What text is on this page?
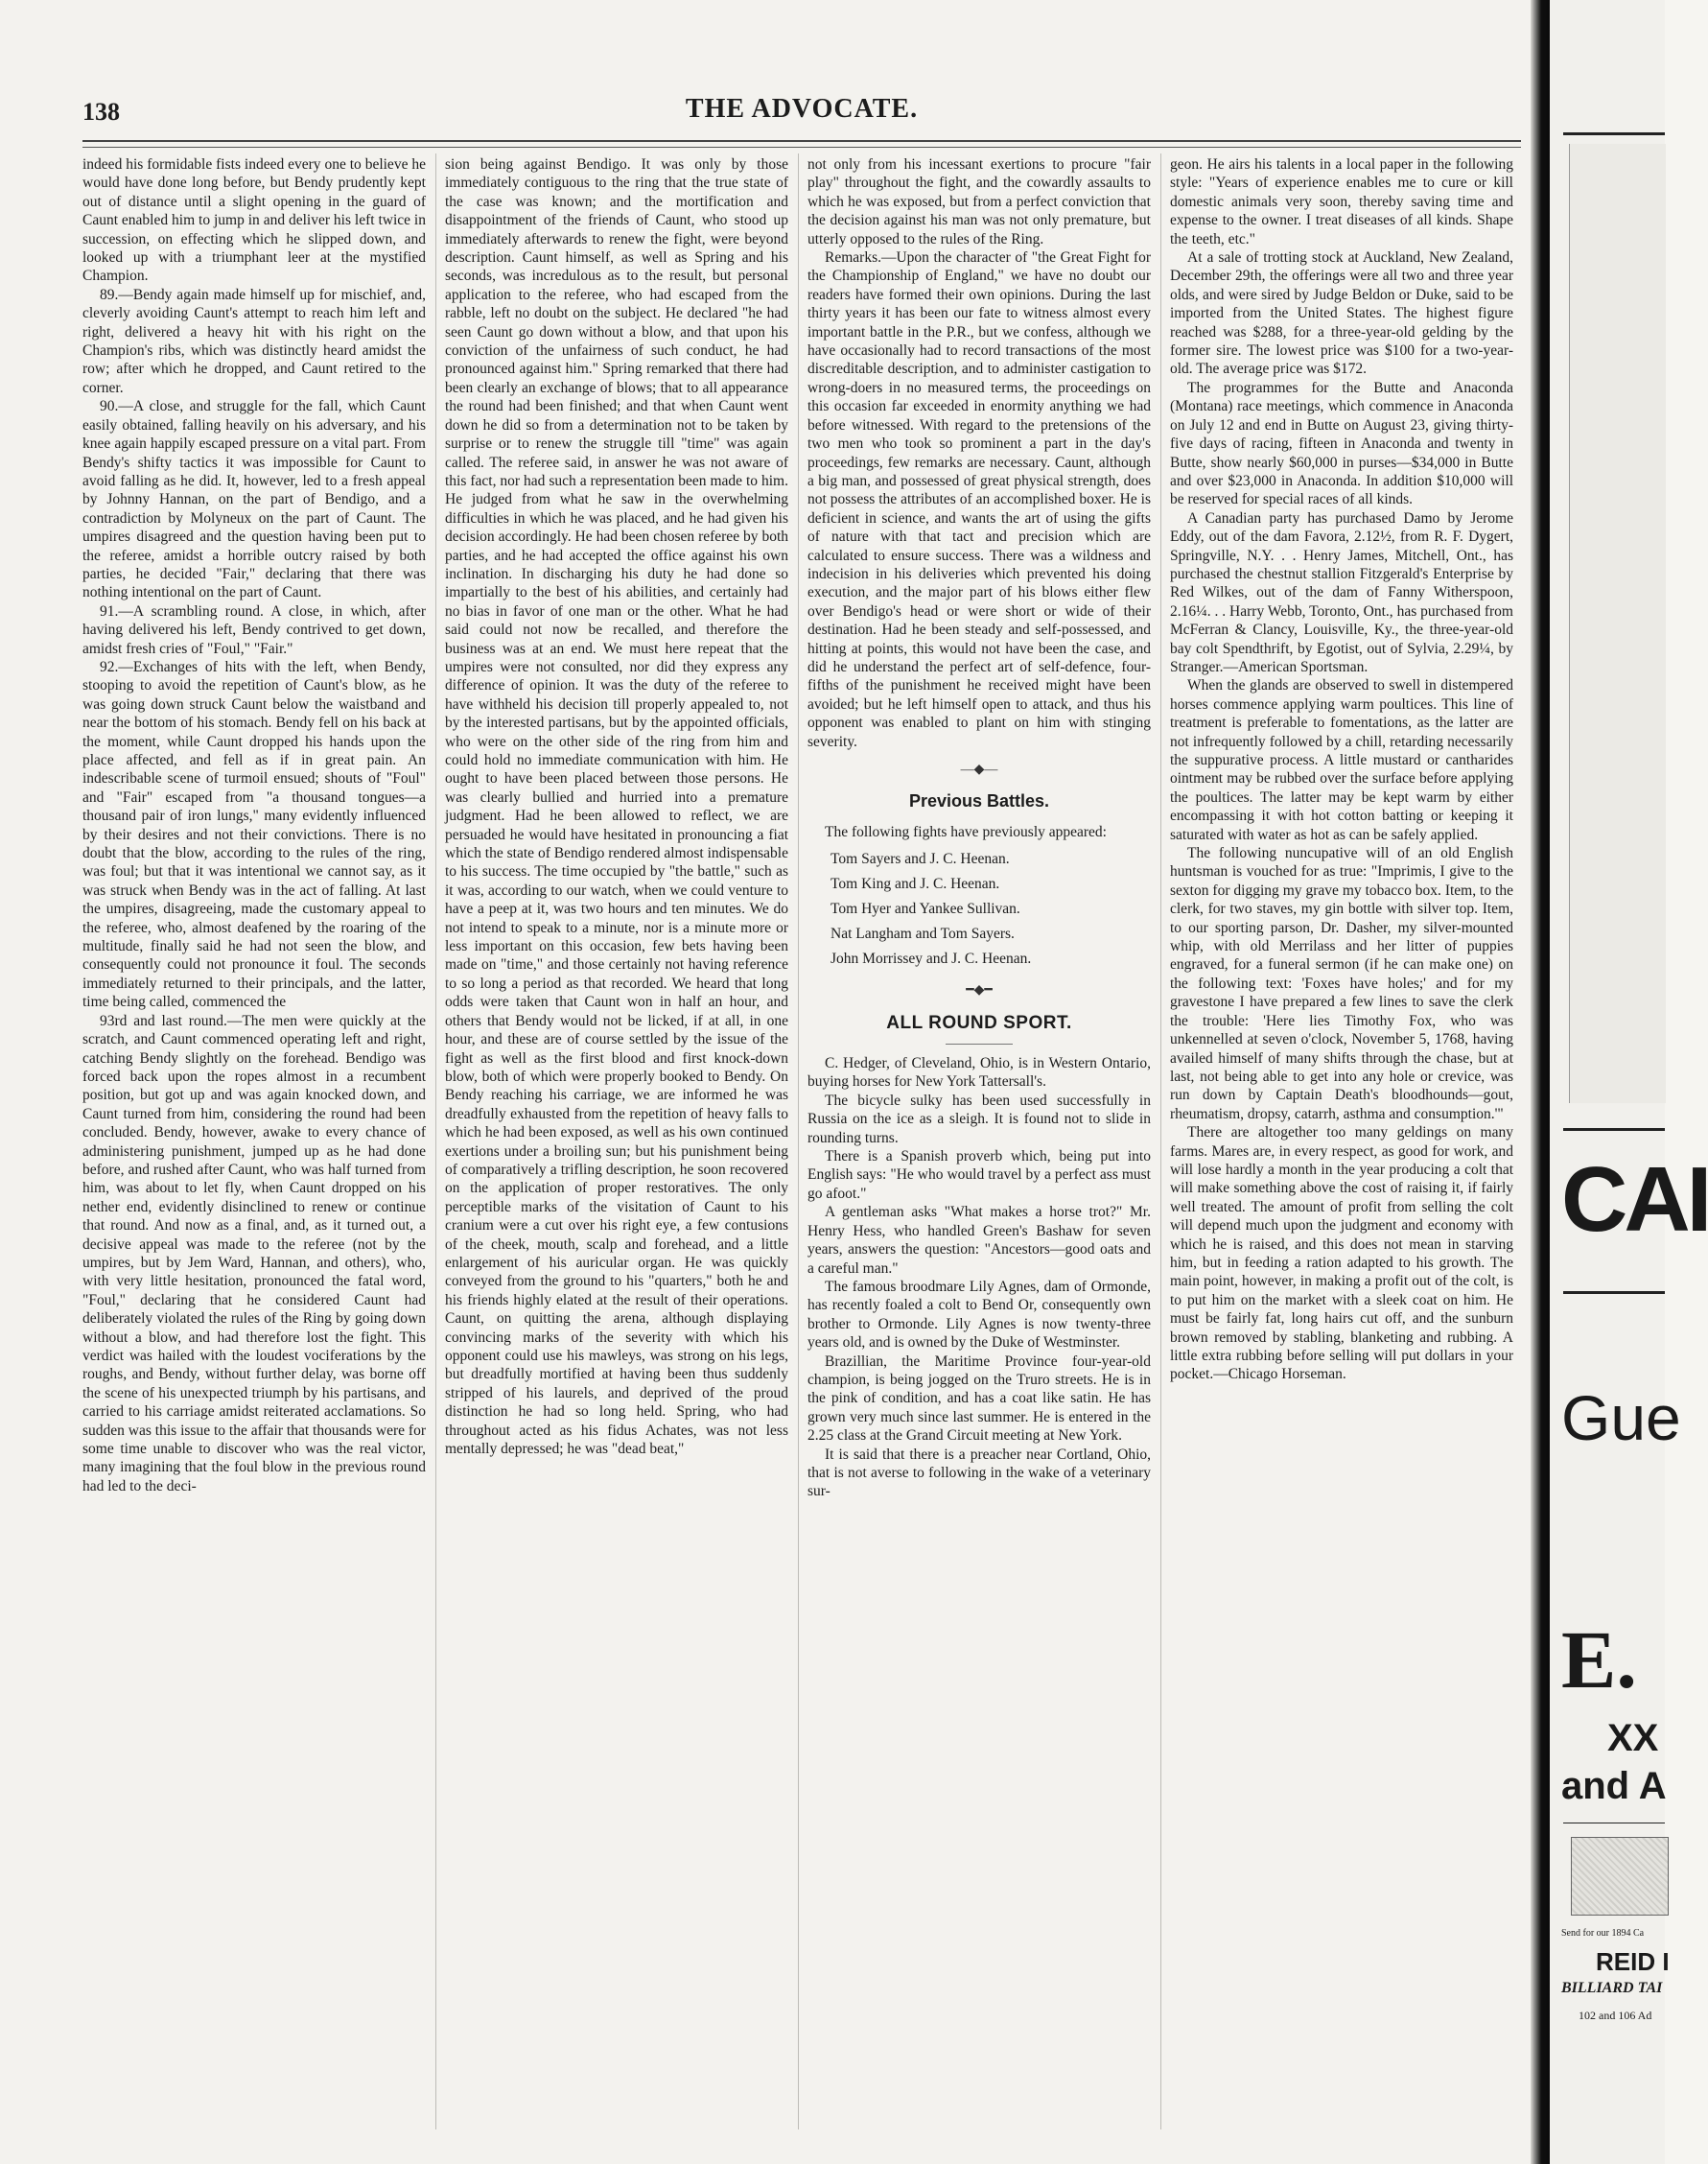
138	THE ADVOCATE.

indeed his formidable fists indeed every one to believe he would have done long before, but Bendy prudently kept out of distance until a slight opening in the guard of Caunt enabled him to jump in and deliver his left twice in succession, on effecting which he slipped down, and looked up with a triumphant leer at the mystified Champion.

89.—Bendy again made himself up for mischief, and, cleverly avoiding Caunt's attempt to reach him left and right, delivered a heavy hit with his right on the Champion's ribs, which was distinctly heard amidst the row; after which he dropped, and Caunt retired to the corner.

90.—A close, and struggle for the fall, which Caunt easily obtained, falling heavily on his adversary, and his knee again happily escaped pressure on a vital part. From Bendy's shifty tactics it was impossible for Caunt to avoid falling as he did. It, however, led to a fresh appeal by Johnny Hannan, on the part of Bendigo, and a contradiction by Molyneux on the part of Caunt. The umpires disagreed and the question having been put to the referee, amidst a horrible outcry raised by both parties, he decided "Fair," declaring that there was nothing intentional on the part of Caunt.

91.—A scrambling round. A close, in which, after having delivered his left, Bendy contrived to get down, amidst fresh cries of "Foul," "Fair."

92.—Exchanges of hits with the left, when Bendy, stooping to avoid the repetition of Caunt's blow, as he was going down struck Caunt below the waistband and near the bottom of his stomach. Bendy fell on his back at the moment, while Caunt dropped his hands upon the place affected, and fell as if in great pain. An indescribable scene of turmoil ensued; shouts of "Foul" and "Fair" escaped from "a thousand tongues—a thousand pair of iron lungs," many evidently influenced by their desires and not their convictions. There is no doubt that the blow, according to the rules of the ring, was foul; but that it was intentional we cannot say, as it was struck when Bendy was in the act of falling. At last the umpires, disagreeing, made the customary appeal to the referee, who, almost deafened by the roaring of the multitude, finally said he had not seen the blow, and consequently could not pronounce it foul. The seconds immediately returned to their principals, and the latter, time being called, commenced the

93rd and last round.—The men were quickly at the scratch, and Caunt commenced operating left and right, catching Bendy slightly on the forehead. Bendigo was forced back upon the ropes almost in a recumbent position, but got up and was again knocked down, and Caunt turned from him, considering the round had been concluded. Bendy, however, awake to every chance of administering punishment, jumped up as he had done before, and rushed after Caunt, who was half turned from him, was about to let fly, when Caunt dropped on his nether end, evidently disinclined to renew or continue that round. And now as a final, and, as it turned out, a decisive appeal was made to the referee (not by the umpires, but by Jem Ward, Hannan, and others), who, with very little hesitation, pronounced the fatal word, "Foul," declaring that he considered Caunt had deliberately violated the rules of the Ring by going down without a blow, and had therefore lost the fight. This verdict was hailed with the loudest vociferations by the roughs, and Bendy, without further delay, was borne off the scene of his unexpected triumph by his partisans, and carried to his carriage amidst reiterated acclamations. So sudden was this issue to the affair that thousands were for some time unable to discover who was the real victor, many imagining that the foul blow in the previous round had led to the deci-

sion being against Bendigo. It was only by those immediately contiguous to the ring that the true state of the case was known; and the mortification and disappointment of the friends of Caunt, who stood up immediately afterwards to renew the fight, were beyond description. Caunt himself, as well as Spring and his seconds, was incredulous as to the result, but personal application to the referee, who had escaped from the rabble, left no doubt on the subject. He declared "he had seen Caunt go down without a blow, and that upon his conviction of the unfairness of such conduct, he had pronounced against him." Spring remarked that there had been clearly an exchange of blows; that to all appearance the round had been finished; and that when Caunt went down he did so from a determination not to be taken by surprise or to renew the struggle till "time" was again called. The referee said, in answer he was not aware of this fact, nor had such a representation been made to him. He judged from what he saw in the overwhelming difficulties in which he was placed, and he had given his decision accordingly. He had been chosen referee by both parties, and he had accepted the office against his own inclination. In discharging his duty he had done so impartially to the best of his abilities, and certainly had no bias in favor of one man or the other. What he had said could not now be recalled, and therefore the business was at an end. We must here repeat that the umpires were not consulted, nor did they express any difference of opinion. It was the duty of the referee to have withheld his decision till properly appealed to, not by the interested partisans, but by the appointed officials, who were on the other side of the ring from him and could hold no immediate communication with him. He ought to have been placed between those persons. He was clearly bullied and hurried into a premature judgment. Had he been allowed to reflect, we are persuaded he would have hesitated in pronouncing a fiat which the state of Bendigo rendered almost indispensable to his success. The time occupied by "the battle," such as it was, according to our watch, when we could venture to have a peep at it, was two hours and ten minutes. We do not intend to speak to a minute, nor is a minute more or less important on this occasion, few bets having been made on "time," and those certainly not having reference to so long a period as that recorded. We heard that long odds were taken that Caunt won in half an hour, and others that Bendy would not be licked, if at all, in one hour, and these are of course settled by the issue of the fight as well as the first blood and first knock-down blow, both of which were properly booked to Bendy. On Bendy reaching his carriage, we are informed he was dreadfully exhausted from the repetition of heavy falls to which he had been exposed, as well as his own continued exertions under a broiling sun; but his punishment being of comparatively a trifling description, he soon recovered on the application of proper restoratives. The only perceptible marks of the visitation of Caunt to his cranium were a cut over his right eye, a few contusions of the cheek, mouth, scalp and forehead, and a little enlargement of his auricular organ. He was quickly conveyed from the ground to his "quarters," both he and his friends highly elated at the result of their operations. Caunt, on quitting the arena, although displaying convincing marks of the severity with which his opponent could use his mawleys, was strong on his legs, but dreadfully mortified at having been thus suddenly stripped of his laurels, and deprived of the proud distinction he had so long held. Spring, who had throughout acted as his fidus Achates, was not less mentally depressed; he was "dead beat,"

not only from his incessant exertions to procure "fair play" throughout the fight, and the cowardly assaults to which he was exposed, but from a perfect conviction that the decision against his man was not only premature, but utterly opposed to the rules of the Ring.

Remarks.—Upon the character of "the Great Fight for the Championship of England," we have no doubt our readers have formed their own opinions. During the last thirty years it has been our fate to witness almost every important battle in the P.R., but we confess, although we have occasionally had to record transactions of the most discreditable description, and to administer castigation to wrong-doers in no measured terms, the proceedings on this occasion far exceeded in enormity anything we had before witnessed. With regard to the pretensions of the two men who took so prominent a part in the day's proceedings, few remarks are necessary. Caunt, although a big man, and possessed of great physical strength, does not possess the attributes of an accomplished boxer. He is deficient in science, and wants the art of using the gifts of nature with that tact and precision which are calculated to ensure success. There was a wildness and indecision in his deliveries which prevented his doing execution, and the major part of his blows either flew over Bendigo's head or were short or wide of their destination. Had he been steady and self-possessed, and hitting at points, this would not have been the case, and did he understand the perfect art of self-defence, four-fifths of the punishment he received might have been avoided; but he left himself open to attack, and thus his opponent was enabled to plant on him with stinging severity.

—◆—
Previous Battles.

The following fights have previously appeared:

Tom Sayers and J. C. Heenan.
Tom King and J. C. Heenan.
Tom Hyer and Yankee Sullivan.
Nat Langham and Tom Sayers.
John Morrissey and J. C. Heenan.
━◆━
ALL ROUND SPORT.

C. Hedger, of Cleveland, Ohio, is in Western Ontario, buying horses for New York Tattersall's.

The bicycle sulky has been used successfully in Russia on the ice as a sleigh. It is found not to slide in rounding turns.

There is a Spanish proverb which, being put into English says: "He who would travel by a perfect ass must go afoot."

A gentleman asks "What makes a horse trot?" Mr. Henry Hess, who handled Green's Bashaw for seven years, answers the question: "Ancestors—good oats and a careful man."

The famous broodmare Lily Agnes, dam of Ormonde, has recently foaled a colt to Bend Or, consequently own brother to Ormonde. Lily Agnes is now twenty-three years old, and is owned by the Duke of Westminster.

Brazillian, the Maritime Province four-year-old champion, is being jogged on the Truro streets. He is in the pink of condition, and has a coat like satin. He has grown very much since last summer. He is entered in the 2.25 class at the Grand Circuit meeting at New York.

It is said that there is a preacher near Cortland, Ohio, that is not averse to following in the wake of a veterinary sur-

geon. He airs his talents in a local paper in the following style: "Years of experience enables me to cure or kill domestic animals very soon, thereby saving time and expense to the owner. I treat diseases of all kinds. Shape the teeth, etc."

At a sale of trotting stock at Auckland, New Zealand, December 29th, the offerings were all two and three year olds, and were sired by Judge Beldon or Duke, said to be imported from the United States. The highest figure reached was $288, for a three-year-old gelding by the former sire. The lowest price was $100 for a two-year-old. The average price was $172.

The programmes for the Butte and Anaconda (Montana) race meetings, which commence in Anaconda on July 12 and end in Butte on August 23, giving thirty-five days of racing, fifteen in Anaconda and twenty in Butte, show nearly $60,000 in purses—$34,000 in Butte and over $23,000 in Anaconda. In addition $10,000 will be reserved for special races of all kinds.

A Canadian party has purchased Damo by Jerome Eddy, out of the dam Favora, 2.12½, from R. F. Dygert, Springville, N.Y. . . Henry James, Mitchell, Ont., has purchased the chestnut stallion Fitzgerald's Enterprise by Red Wilkes, out of the dam of Fanny Witherspoon, 2.16¼. . . Harry Webb, Toronto, Ont., has purchased from McFerran & Clancy, Louisville, Ky., the three-year-old bay colt Spendthrift, by Egotist, out of Sylvia, 2.29¼, by Stranger.—American Sportsman.

When the glands are observed to swell in distempered horses commence applying warm poultices. This line of treatment is preferable to fomentations, as the latter are not infrequently followed by a chill, retarding necessarily the suppurative process. A little mustard or cantharides ointment may be rubbed over the surface before applying the poultices. The latter may be kept warm by either encompassing it with hot cotton batting or keeping it saturated with water as hot as can be safely applied.

The following nuncupative will of an old English huntsman is vouched for as true: "Imprimis, I give to the sexton for digging my grave my tobacco box. Item, to the clerk, for two staves, my gin bottle with silver top. Item, to our sporting parson, Dr. Dasher, my silver-mounted whip, with old Merrilass and her litter of puppies engraved, for a funeral sermon (if he can make one) on the following text: 'Foxes have holes;' and for my gravestone I have prepared a few lines to save the clerk the trouble: 'Here lies Timothy Fox, who was unkennelled at seven o'clock, November 5, 1768, having availed himself of many shifts through the chase, but at last, not being able to get into any hole or crevice, was run down by Captain Death's bloodhounds—gout, rheumatism, dropsy, catarrh, asthma and consumption.'"

There are altogether too many geldings on many farms. Mares are, in every respect, as good for work, and will lose hardly a month in the year producing a colt that will make something above the cost of raising it, if fairly well treated. The amount of profit from selling the colt will depend much upon the judgment and economy with which he is raised, and this does not mean in starving him, but in feeding a ration adapted to his growth. The main point, however, in making a profit out of the colt, is to put him on the market with a sleek coat on him. He must be fairly fat, long hairs cut off, and the sunburn brown removed by stabling, blanketing and rubbing. A little extra rubbing before selling will put dollars in your pocket.—Chicago Horseman.

CAI
Gue
E.
XX
and A
Send for our 1894 Ca
REID I
BILLIARD TAI
102 and 106 Ad
